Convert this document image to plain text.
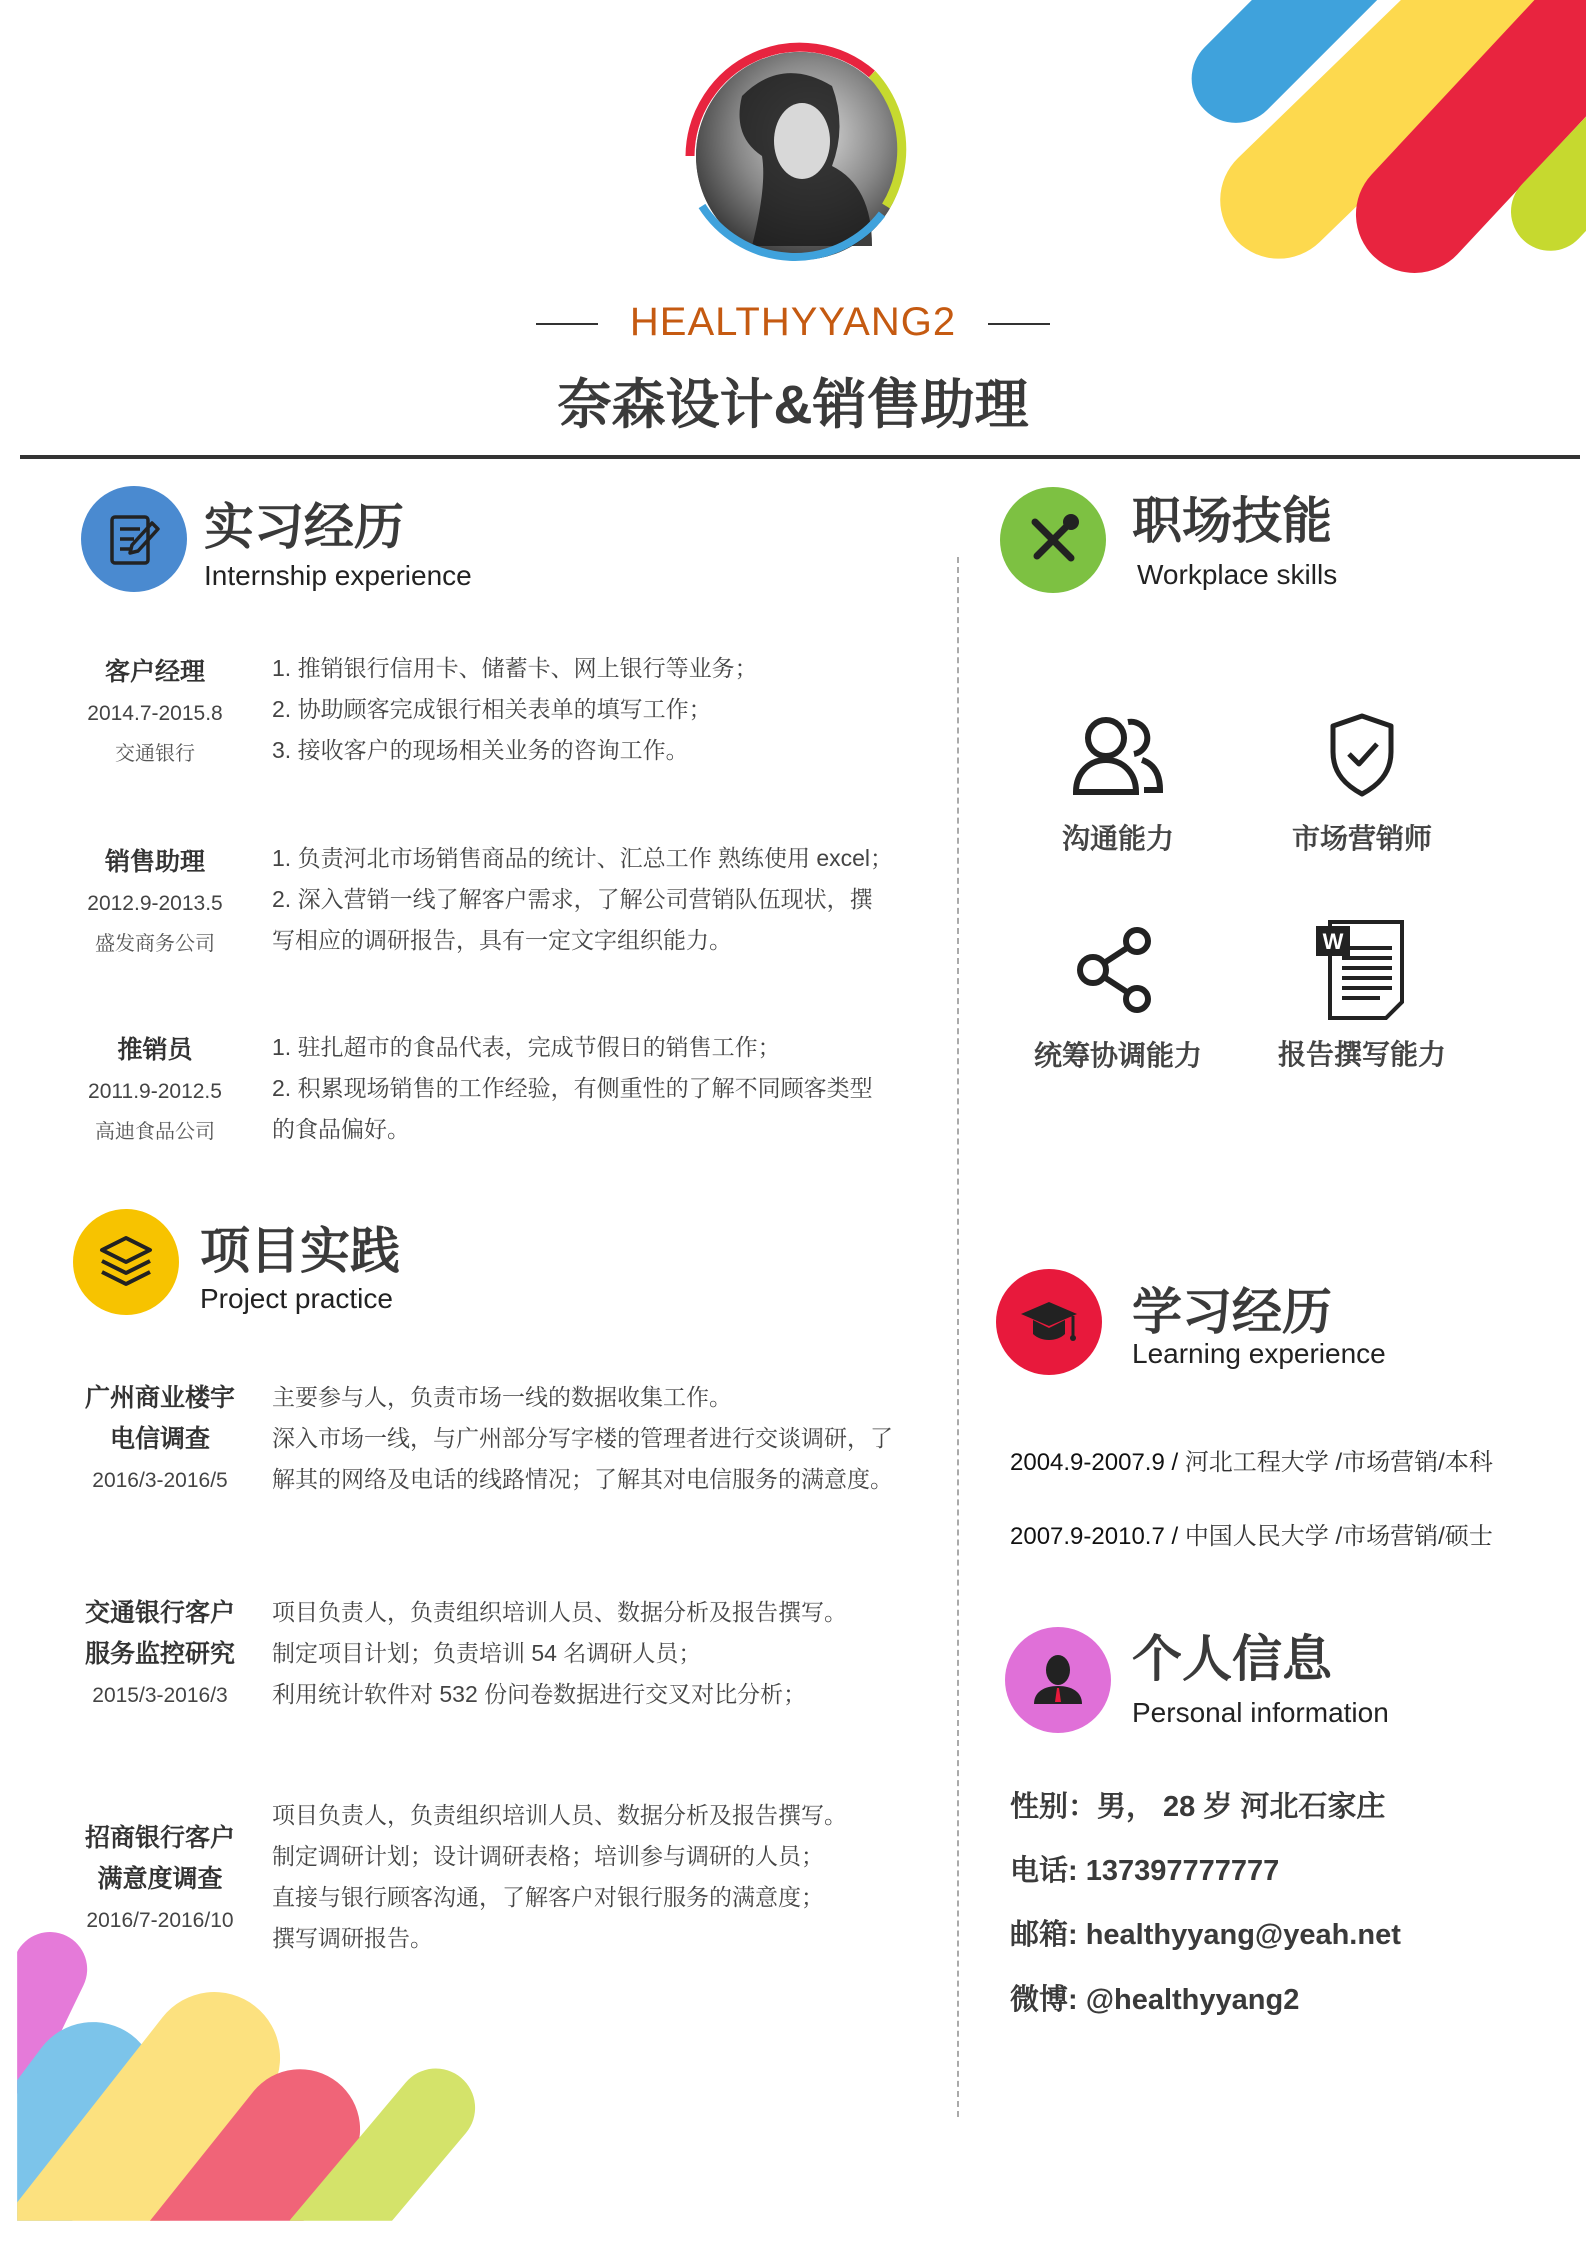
HEALTHYYANG2
奈森设计&销售助理
实习经历
Internship experience
客户经理
2014.7-2015.8
交通银行
1. 推销银行信用卡、储蓄卡、网上银行等业务；
2. 协助顾客完成银行相关表单的填写工作；
3. 接收客户的现场相关业务的咨询工作。
销售助理
2012.9-2013.5
盛发商务公司
1. 负责河北市场销售商品的统计、汇总工作 熟练使用 excel；
2. 深入营销一线了解客户需求，了解公司营销队伍现状，撰
写相应的调研报告，具有一定文字组织能力。
推销员
2011.9-2012.5
高迪食品公司
1. 驻扎超市的食品代表，完成节假日的销售工作；
2. 积累现场销售的工作经验，有侧重性的了解不同顾客类型
的食品偏好。
项目实践
Project practice
广州商业楼宇
电信调查
2016/3-2016/5
主要参与人，负责市场一线的数据收集工作。
深入市场一线，与广州部分写字楼的管理者进行交谈调研，了
解其的网络及电话的线路情况；了解其对电信服务的满意度。
交通银行客户
服务监控研究
2015/3-2016/3
项目负责人，负责组织培训人员、数据分析及报告撰写。
制定项目计划；负责培训 54 名调研人员；
利用统计软件对 532 份问卷数据进行交叉对比分析；
招商银行客户
满意度调查
2016/7-2016/10
项目负责人，负责组织培训人员、数据分析及报告撰写。
制定调研计划；设计调研表格；培训参与调研的人员；
直接与银行顾客沟通，了解客户对银行服务的满意度；
撰写调研报告。
职场技能
Workplace skills
沟通能力	市场营销师
统筹协调能力
W
报告撰写能力
学习经历
Learning experience
2004.9-2007.9 / 河北工程大学 /市场营销/本科
2007.9-2010.7 / 中国人民大学 /市场营销/硕士
个人信息
Personal information
性别：男， 28 岁 河北石家庄
电话: 137397777777
邮箱: healthyyang@yeah.net
微博: @healthyyang2
